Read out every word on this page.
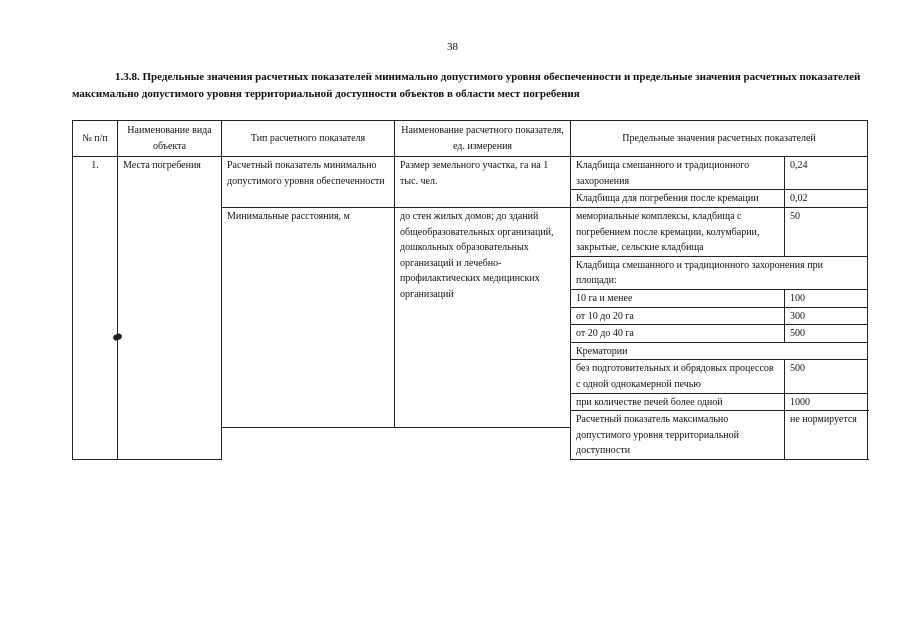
38
1.3.8. Предельные значения расчетных показателей минимально допустимого уровня обеспеченности и предельные значения расчетных показателей максимально допустимого уровня территориальной доступности объектов в области мест погребения
№ п/п	Наименование вида объекта	Тип расчетного показателя	Наименование расчетного показателя, ед. измерения	Предельные значения расчетных показателей	
1.	Места погребения	Расчетный показатель минимально допустимого уровня обеспеченности	Размер земельного участка, га на 1 тыс. чел.	Кладбища смешанного и традиционного захоронения	0,24
				Кладбища для погребения после кремации	0,02
		Минимальные расстояния, м	до стен жилых домов; до зданий общеобразовательных организаций, дошкольных образовательных организаций и лечебно-профилактических медицинских организаций	мемориальные комплексы, кладбища с погребением после кремации, колумбарии, закрытые, сельские кладбища	50
				Кладбища смешанного и традиционного захоронения при площади:	
				10 га и менее	100
				от 10 до 20 га	300
				от 20 до 40 га	500
				Крематории	
				без подготовительных и обрядовых процессов с одной однокамерной печью	500
				при количестве печей более одной	1000
				Расчетный показатель максимально допустимого уровня территориальной доступности	не нормируется
